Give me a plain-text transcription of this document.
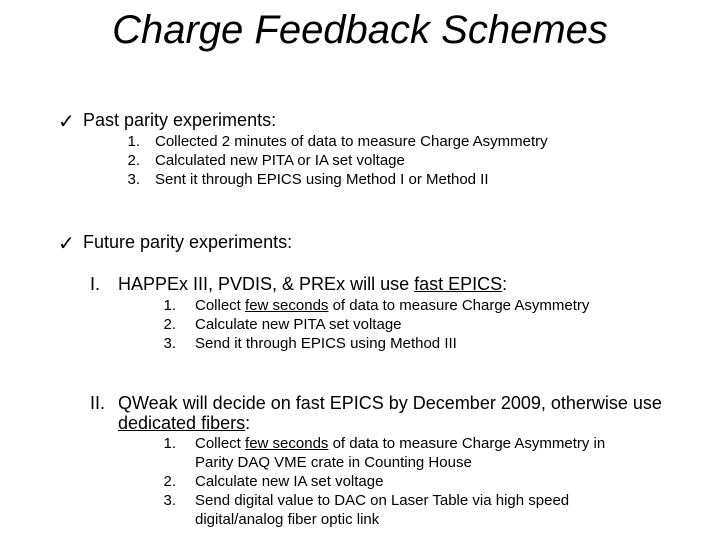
Charge Feedback Schemes
✓ Past parity experiments:
1. Collected 2 minutes of data to measure Charge Asymmetry
2. Calculated new PITA or IA set voltage
3. Sent it through EPICS using Method I or Method II
✓ Future parity experiments:
I. HAPPEx III, PVDIS, & PREx will use fast EPICS:
1. Collect few seconds of data to measure Charge Asymmetry
2. Calculate new PITA set voltage
3. Send it through EPICS using Method III
II. QWeak will decide on fast EPICS by December 2009, otherwise use
dedicated fibers:
1. Collect few seconds of data to measure Charge Asymmetry in
Parity DAQ VME crate in Counting House
2. Calculate new IA set voltage
3. Send digital value to DAC on Laser Table via high speed
digital/analog fiber optic link
